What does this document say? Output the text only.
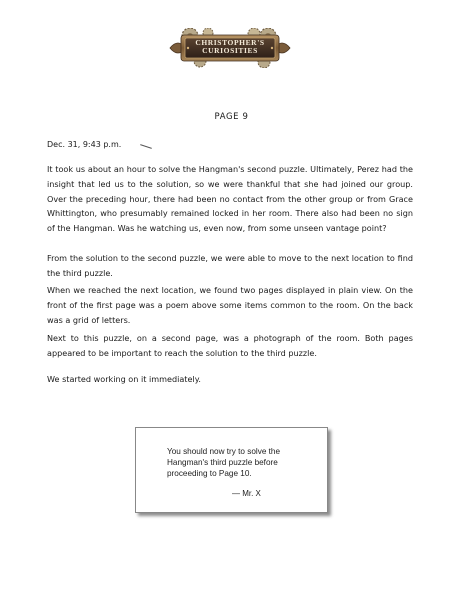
CHRISTOPHER'S
CURIOSITIES
PAGE 9
Dec. 31, 9:43 p.m.

It took us about an hour to solve the Hangman's second puzzle. Ultimately, Perez had the insight that led us to the solution, so we were thankful that she had joined our group. Over the preceding hour, there had been no contact from the other group or from Grace Whittington, who presumably remained locked in her room. There also had been no sign of the Hangman. Was he watching us, even now, from some unseen vantage point?

From the solution to the second puzzle, we were able to move to the next location to find the third puzzle.

When we reached the next location, we found two pages displayed in plain view. On the front of the first page was a poem above some items common to the room. On the back was a grid of letters.

Next to this puzzle, on a second page, was a photograph of the room. Both pages appeared to be important to reach the solution to the third puzzle.

We started working on it immediately.

You should now try to solve the Hangman's third puzzle before proceeding to Page 10.
— Mr. X
